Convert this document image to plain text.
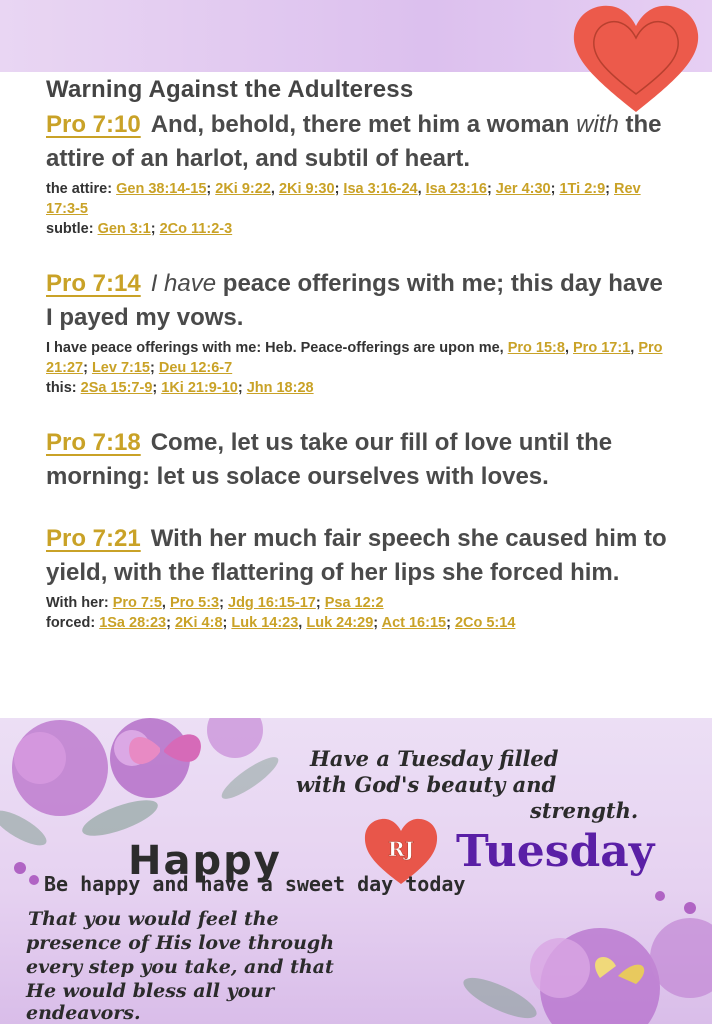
Warning Against the Adulteress

Pro 7:10 And, behold, there met him a woman with the attire of an harlot, and subtil of heart.

the attire: Gen 38:14-15; 2Ki 9:22, 2Ki 9:30; Isa 3:16-24, Isa 23:16; Jer 4:30; 1Ti 2:9; Rev 17:3-5
subtle: Gen 3:1; 2Co 11:2-3

Pro 7:14 I have peace offerings with me; this day have I payed my vows.

I have peace offerings with me: Heb. Peace-offerings are upon me, Pro 15:8, Pro 17:1, Pro 21:27; Lev 7:15; Deu 12:6-7
this: 2Sa 15:7-9; 1Ki 21:9-10; Jhn 18:28

Pro 7:18 Come, let us take our fill of love until the morning: let us solace ourselves with loves.

Pro 7:21 With her much fair speech she caused him to yield, with the flattering of her lips she forced him.

With her: Pro 7:5, Pro 5:3; Jdg 16:15-17; Psa 12:2
forced: 1Sa 28:23; 2Ki 4:8; Luk 14:23, Luk 24:29; Act 16:15; 2Co 5:14

Have a Tuesday filled
with God's beauty and
strength.
Happy	RJ Tuesday
Be happy and have a sweet day today
That you would feel the
presence of His love through
every step you take, and that
He would bless all your
endeavors.
